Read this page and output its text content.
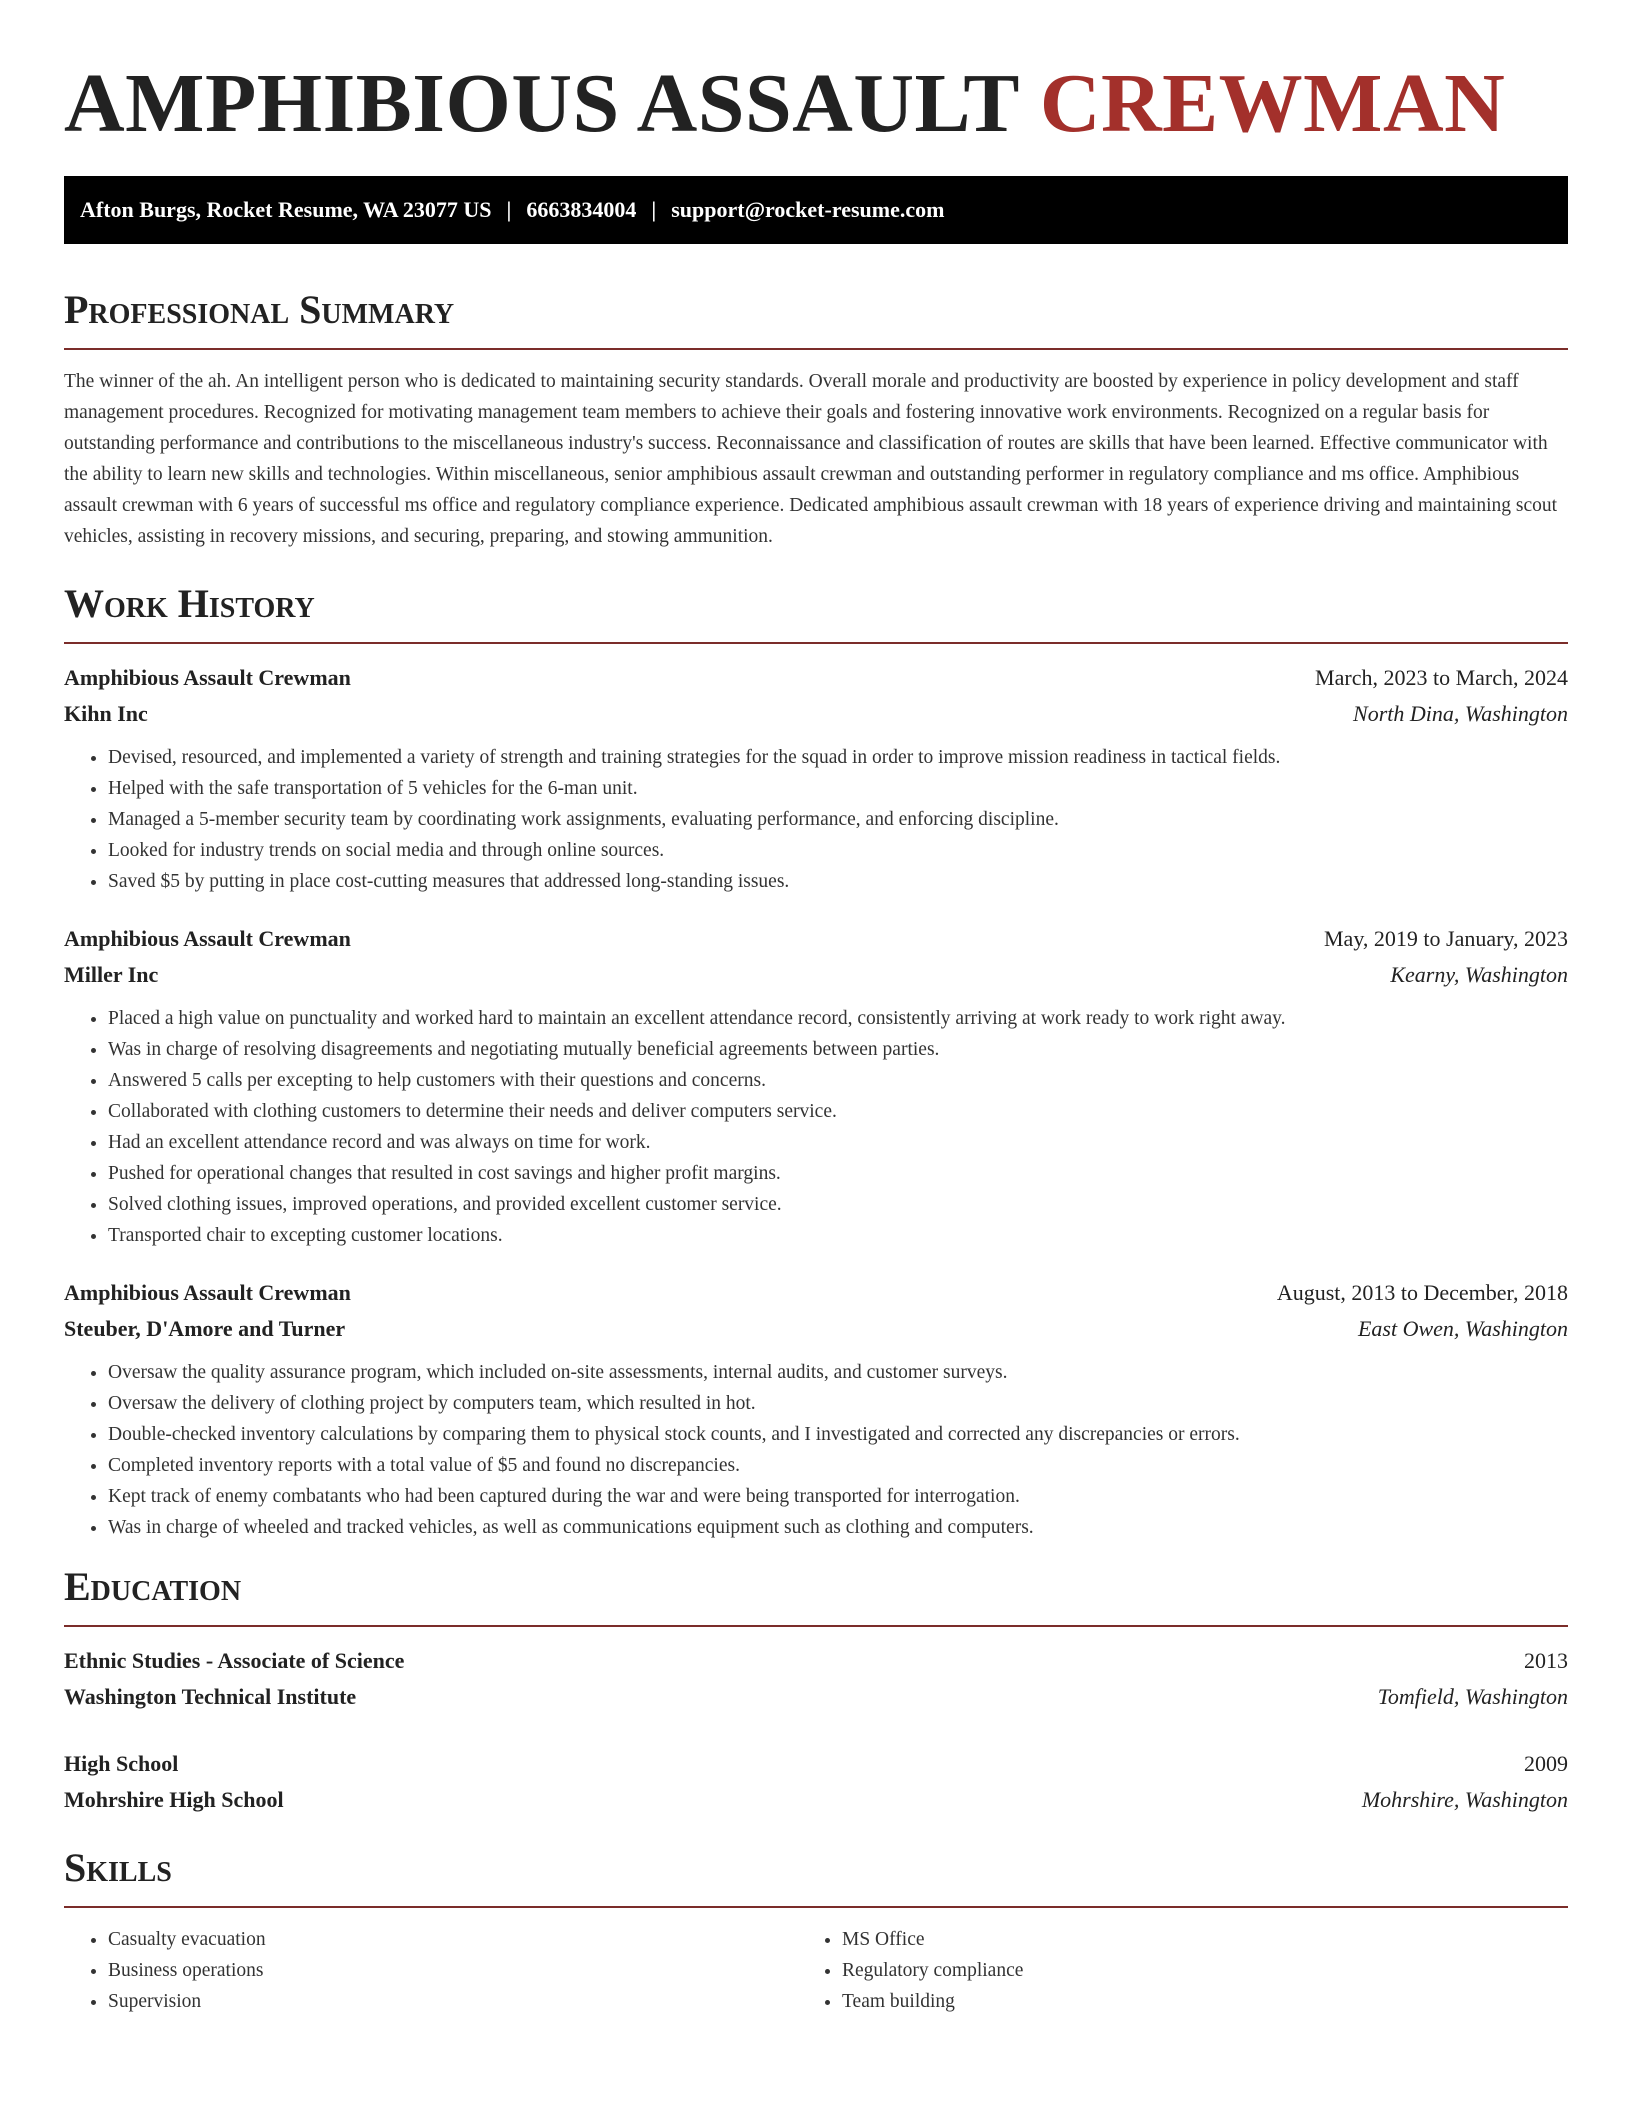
AMPHIBIOUS ASSAULT CREWMAN
Afton Burgs, Rocket Resume, WA 23077 US | 6663834004 | support@rocket-resume.com
Professional Summary

The winner of the ah. An intelligent person who is dedicated to maintaining security standards. Overall morale and productivity are boosted by experience in policy development and staff management procedures. Recognized for motivating management team members to achieve their goals and fostering innovative work environments. Recognized on a regular basis for outstanding performance and contributions to the miscellaneous industry's success. Reconnaissance and classification of routes are skills that have been learned. Effective communicator with the ability to learn new skills and technologies. Within miscellaneous, senior amphibious assault crewman and outstanding performer in regulatory compliance and ms office. Amphibious assault crewman with 6 years of successful ms office and regulatory compliance experience. Dedicated amphibious assault crewman with 18 years of experience driving and maintaining scout vehicles, assisting in recovery missions, and securing, preparing, and stowing ammunition.

Work History
Amphibious Assault Crewman	March, 2023 to March, 2024
Kihn Inc	North Dina, Washington
• Devised, resourced, and implemented a variety of strength and training strategies for the squad in order to improve mission readiness in tactical fields.
• Helped with the safe transportation of 5 vehicles for the 6-man unit.
• Managed a 5-member security team by coordinating work assignments, evaluating performance, and enforcing discipline.
• Looked for industry trends on social media and through online sources.
• Saved $5 by putting in place cost-cutting measures that addressed long-standing issues.
Amphibious Assault Crewman	May, 2019 to January, 2023
Miller Inc	Kearny, Washington
• Placed a high value on punctuality and worked hard to maintain an excellent attendance record, consistently arriving at work ready to work right away.
• Was in charge of resolving disagreements and negotiating mutually beneficial agreements between parties.
• Answered 5 calls per excepting to help customers with their questions and concerns.
• Collaborated with clothing customers to determine their needs and deliver computers service.
• Had an excellent attendance record and was always on time for work.
• Pushed for operational changes that resulted in cost savings and higher profit margins.
• Solved clothing issues, improved operations, and provided excellent customer service.
• Transported chair to excepting customer locations.
Amphibious Assault Crewman	August, 2013 to December, 2018
Steuber, D'Amore and Turner	East Owen, Washington
• Oversaw the quality assurance program, which included on-site assessments, internal audits, and customer surveys.
• Oversaw the delivery of clothing project by computers team, which resulted in hot.
• Double-checked inventory calculations by comparing them to physical stock counts, and I investigated and corrected any discrepancies or errors.
• Completed inventory reports with a total value of $5 and found no discrepancies.
• Kept track of enemy combatants who had been captured during the war and were being transported for interrogation.
• Was in charge of wheeled and tracked vehicles, as well as communications equipment such as clothing and computers.
Education
Ethnic Studies - Associate of Science	2013
Washington Technical Institute	Tomfield, Washington
High School	2009
Mohrshire High School	Mohrshire, Washington
Skills
• Casualty evacuation
• Business operations
• Supervision
• MS Office
• Regulatory compliance
• Team building
